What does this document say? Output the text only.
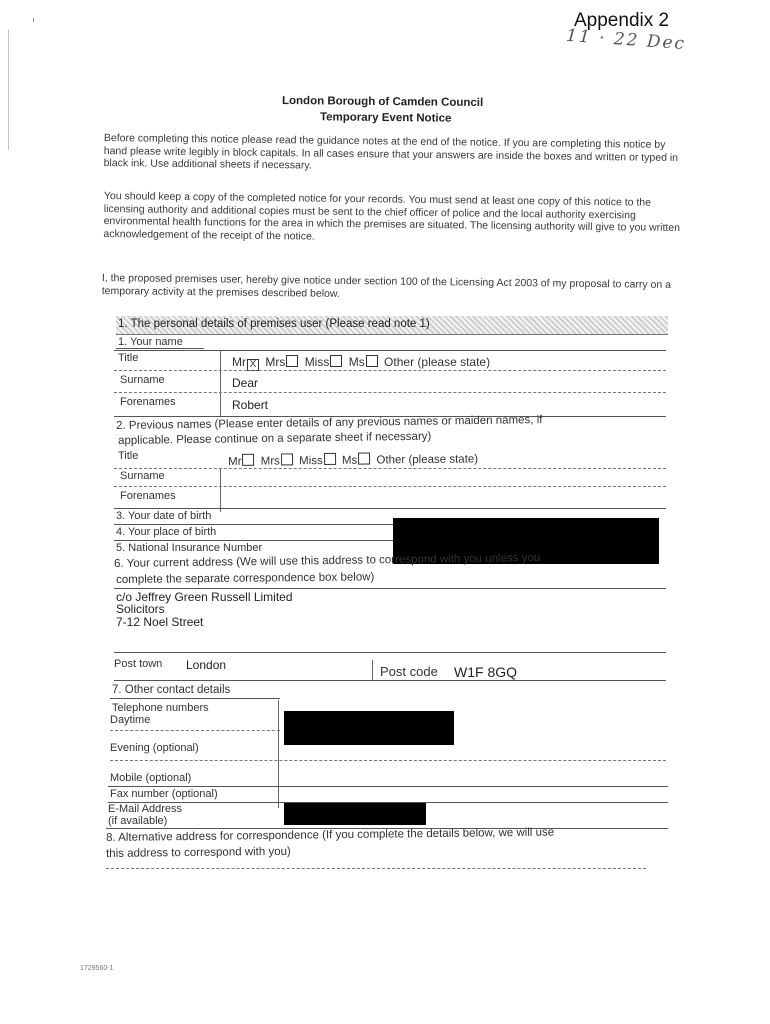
Appendix 2
11 · 22 Dec
London Borough of Camden Council
Temporary Event Notice
Before completing this notice please read the guidance notes at the end of the notice. If you are completing this notice by hand please write legibly in block capitals. In all cases ensure that your answers are inside the boxes and written or typed in black ink. Use additional sheets if necessary.
You should keep a copy of the completed notice for your records. You must send at least one copy of this notice to the licensing authority and additional copies must be sent to the chief officer of police and the local authority exercising environmental health functions for the area in which the premises are situated. The licensing authority will give to you written acknowledgement of the receipt of the notice.
I, the proposed premises user, hereby give notice under section 100 of the Licensing Act 2003 of my proposal to carry on a temporary activity at the premises described below.
1. The personal details of premises user (Please read note 1)
1. Your name
Title	Mr X Mrs Miss Ms Other (please state)
Surname	Dear
Forenames	Robert
2. Previous names (Please enter details of any previous names or maiden names, if
applicable. Please continue on a separate sheet if necessary)
Title	Mr Mrs Miss Ms Other (please state)
Surname
Forenames
3. Your date of birth
4. Your place of birth
5. National Insurance Number
6. Your current address (We will use this address to correspond with you unless you
complete the separate correspondence box below)
c/o Jeffrey Green Russell Limited
Solicitors
7-12 Noel Street
Post town London	Post code W1F 8GQ
7. Other contact details
Telephone numbers
Daytime
Evening (optional)
Mobile (optional)
Fax number (optional)
E-Mail Address
(if available)
8. Alternative address for correspondence (If you complete the details below, we will use
this address to correspond with you)
1729560-1
